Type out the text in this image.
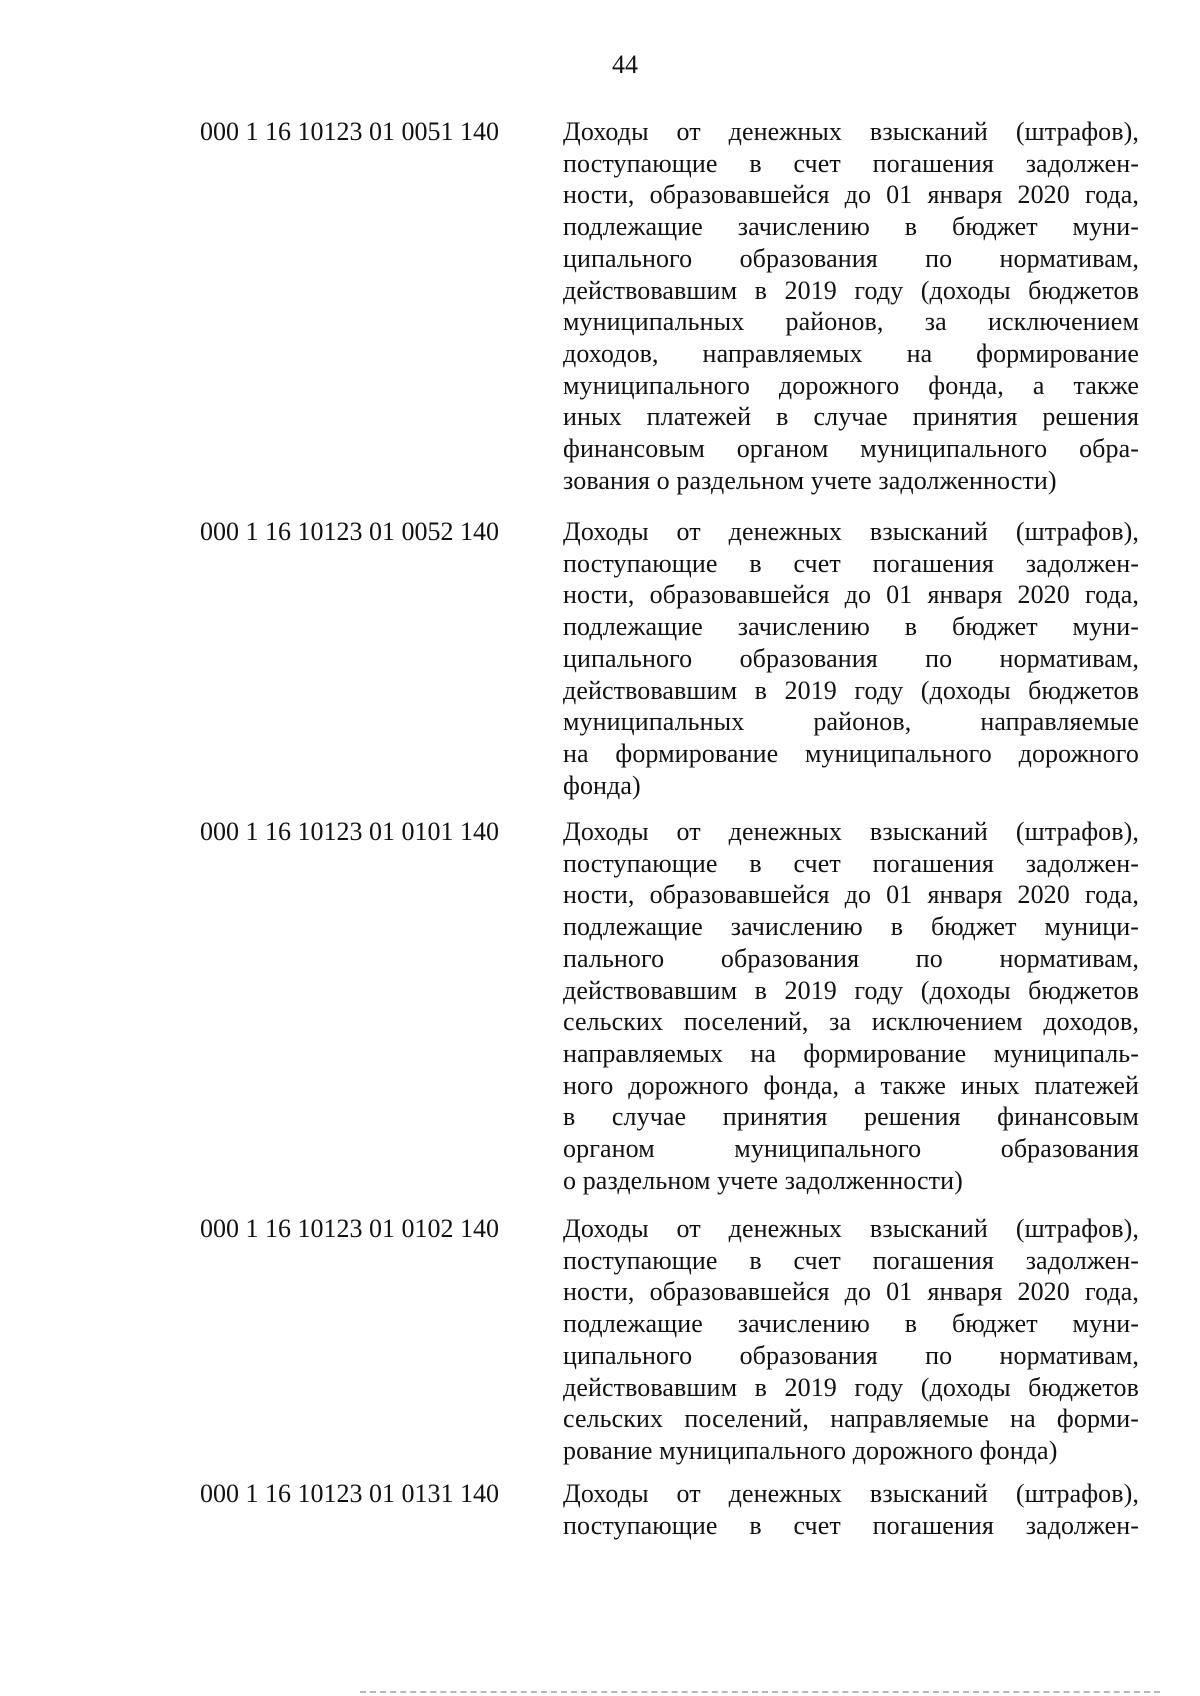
44
000 1 16 10123 01 0051 140	Доходы от денежных взысканий (штрафов),
поступающие в счет погашения задолжен-
ности, образовавшейся до 01 января 2020 года,
подлежащие зачислению в бюджет муни-
ципального образования по нормативам,
действовавшим в 2019 году (доходы бюджетов
муниципальных районов, за исключением
доходов, направляемых на формирование
муниципального дорожного фонда, а также
иных платежей в случае принятия решения
финансовым органом муниципального обра-
зования о раздельном учете задолженности)
000 1 16 10123 01 0052 140	Доходы от денежных взысканий (штрафов),
поступающие в счет погашения задолжен-
ности, образовавшейся до 01 января 2020 года,
подлежащие зачислению в бюджет муни-
ципального образования по нормативам,
действовавшим в 2019 году (доходы бюджетов
муниципальных районов, направляемые
на формирование муниципального дорожного
фонда)
000 1 16 10123 01 0101 140	Доходы от денежных взысканий (штрафов),
поступающие в счет погашения задолжен-
ности, образовавшейся до 01 января 2020 года,
подлежащие зачислению в бюджет муници-
пального образования по нормативам,
действовавшим в 2019 году (доходы бюджетов
сельских поселений, за исключением доходов,
направляемых на формирование муниципаль-
ного дорожного фонда, а также иных платежей
в случае принятия решения финансовым
органом муниципального образования
о раздельном учете задолженности)
000 1 16 10123 01 0102 140	Доходы от денежных взысканий (штрафов),
поступающие в счет погашения задолжен-
ности, образовавшейся до 01 января 2020 года,
подлежащие зачислению в бюджет муни-
ципального образования по нормативам,
действовавшим в 2019 году (доходы бюджетов
сельских поселений, направляемые на форми-
рование муниципального дорожного фонда)
000 1 16 10123 01 0131 140	Доходы от денежных взысканий (штрафов),
поступающие в счет погашения задолжен-
